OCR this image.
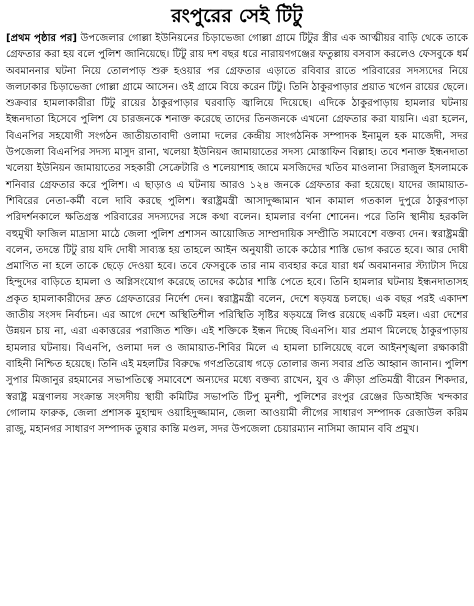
রংপুরের সেই টিটু

[প্রথম পৃষ্ঠার পর] উপজেলার গোল্লা ইউনিয়নের চিড়াভেজা গোল্লা গ্রামে টিটুর স্ত্রীর এক আত্মীয়র বাড়ি থেকে তাকে গ্রেফতার করা হয় বলে পুলিশ জানিয়েছে। টিটু রায় দশ বছর ধরে নারায়ণগঞ্জের ফতুল্লায় বসবাস করলেও ফেসবুকে ধর্ম অবমাননার ঘটনা নিয়ে তোলপাড় শুরু হওয়ার পর গ্রেফতার এড়াতে রবিবার রাতে পরিবারের সদস্যদের নিয়ে জলঢাকার চিড়াভেজা গোল্লা গ্রামে আসেন। ওই গ্রামে বিয়ে করেন টিটু। তিনি ঠাকুরপাড়ার প্রয়াত খগেন রায়ের ছেলে। শুক্রবার হামলাকারীরা টিটু রায়ের ঠাকুরপাড়ার ঘরবাড়ি জ্বালিয়ে দিয়েছে। এদিকে ঠাকুরপাড়ায় হামলার ঘটনায় ইন্ধনদাতা হিসেবে পুলিশ যে চারজনকে শনাক্ত করেছে তাদের তিনজনকে এখনো গ্রেফতার করা যায়নি। এরা হলেন, বিএনপির সহযোগী সংগঠন জাতীয়তাবাদী ওলামা দলের কেন্দ্রীয় সাংগঠনিক সম্পাদক ইনামুল হক মাজেদী, সদর উপজেলা বিএনপির সদস্য মাসুদ রানা, খলেয়া ইউনিয়ন জামায়াতের সদস্য মোস্তাফিন বিল্লাহ। তবে শনাক্ত ইন্ধনদাতা খলেয়া ইউনিয়ন জামায়াতের সহকারী সেক্রেটারি ও শলেয়াশাহ জামে মসজিদের খতিব মাওলানা সিরাজুল ইসলামকে শনিবার গ্রেফতার করে পুলিশ। এ ছাড়াও এ ঘটনায় আরও ১২৪ জনকে গ্রেফতার করা হয়েছে। যাদের জামায়াত-শিবিরের নেতা-কর্মী বলে দাবি করছে পুলিশ। স্বরাষ্ট্রমন্ত্রী আসাদুজ্জামান খান কামাল গতকাল দুপুরে ঠাকুরপাড়া পরিদর্শনকালে ক্ষতিগ্রস্ত পরিবারের সদস্যদের সঙ্গে কথা বলেন। হামলার বর্ণনা শোনেন। পরে তিনি স্থানীয় হরকলি বহুমুখী ফাজিল মাদ্রাসা মাঠে জেলা পুলিশ প্রশাসন আয়োজিত সাম্প্রদায়িক সম্প্রীতি সমাবেশে বক্তব্য দেন। স্বরাষ্ট্রমন্ত্রী বলেন, তদন্তে টিটু রায় যদি দোষী সাব্যস্ত হয় তাহলে আইন অনুযায়ী তাকে কঠোর শাস্তি ভোগ করতে হবে। আর দোষী প্রমাণিত না হলে তাকে ছেড়ে দেওয়া হবে। তবে ফেসবুকে তার নাম ব্যবহার করে যারা ধর্ম অবমাননার স্ট্যাটাস দিয়ে হিন্দুদের বাড়িতে হামলা ও অগ্নিসংযোগ করেছে তাদের কঠোর শাস্তি পেতে হবে। তিনি হামলার ঘটনায় ইন্ধনদাতাসহ প্রকৃত হামলাকারীদের দ্রুত গ্রেফতারের নির্দেশ দেন। স্বরাষ্ট্রমন্ত্রী বলেন, দেশে ষড়যন্ত্র চলছে। এক বছর পরই একাদশ জাতীয় সংসদ নির্বাচন। এর আগে দেশে অস্থিতিশীল পরিস্থিতি সৃষ্টির ষড়যন্ত্রে লিপ্ত রয়েছে একটি মহল। এরা দেশের উন্নয়ন চায় না, এরা একাত্তরের পরাজিত শক্তি। এই শক্তিকে ইন্ধন দিচ্ছে বিএনপি। যার প্রমাণ মিলেছে ঠাকুরপাড়ায় হামলার ঘটনায়। বিএনপি, ওলামা দল ও জামায়াত-শিবির মিলে এ হামলা চালিয়েছে বলে আইনশৃঙ্খলা রক্ষাকারী বাহিনী নিশ্চিত হয়েছে। তিনি এই মহলটির বিরুদ্ধে গণপ্রতিরোধ গড়ে তোলার জন্য সবার প্রতি আহ্বান জানান। পুলিশ সুপার মিজানুর রহমানের সভাপতিত্বে সমাবেশে অন্যদের মধ্যে বক্তব্য রাখেন, যুব ও ক্রীড়া প্রতিমন্ত্রী বীরেন শিকদার, স্বরাষ্ট্র মন্ত্রণালয় সংক্রান্ত সংসদীয় স্থায়ী কমিটির সভাপতি টিপু মুনশী, পুলিশের রংপুর রেঞ্জের ডিআইজি খন্দকার গোলাম ফারুক, জেলা প্রশাসক মুহাম্মদ ওয়াহিদুজ্জামান, জেলা আওয়ামী লীগের সাধারণ সম্পাদক রেজাউল করিম রাজু, মহানগর সাধারণ সম্পাদক তুষার কান্তি মণ্ডল, সদর উপজেলা চেয়ারম্যান নাসিমা জামান ববি প্রমুখ।
